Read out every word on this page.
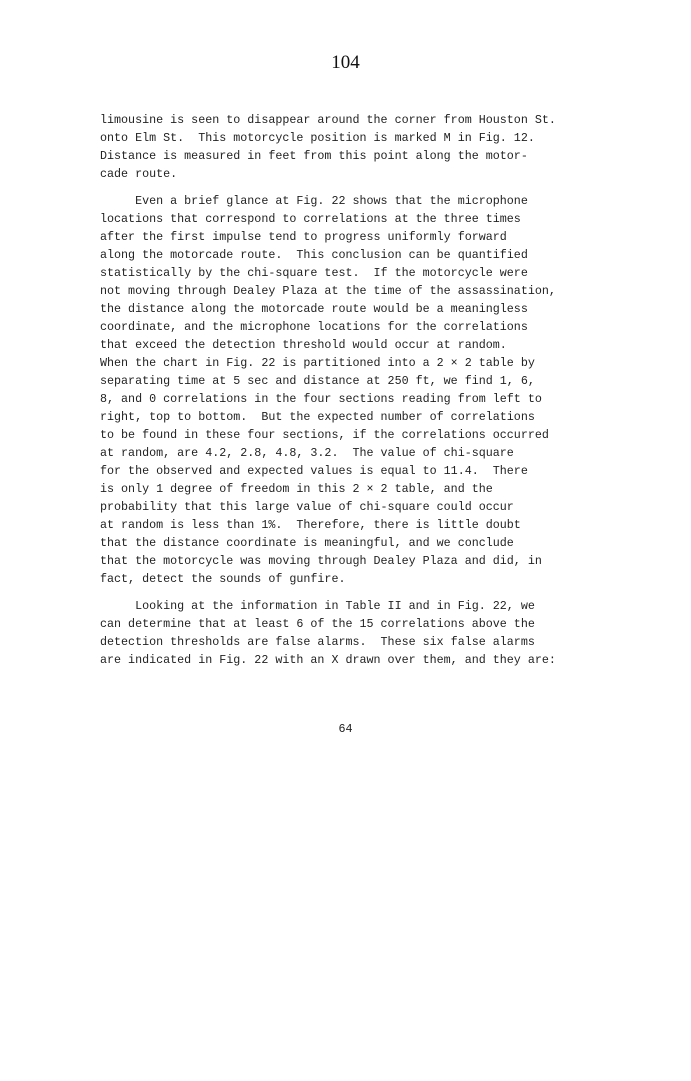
104
limousine is seen to disappear around the corner from Houston St.
onto Elm St.  This motorcycle position is marked M in Fig. 12.
Distance is measured in feet from this point along the motor-
cade route.
Even a brief glance at Fig. 22 shows that the microphone
locations that correspond to correlations at the three times
after the first impulse tend to progress uniformly forward
along the motorcade route.  This conclusion can be quantified
statistically by the chi-square test.  If the motorcycle were
not moving through Dealey Plaza at the time of the assassination,
the distance along the motorcade route would be a meaningless
coordinate, and the microphone locations for the correlations
that exceed the detection threshold would occur at random.
When the chart in Fig. 22 is partitioned into a 2 × 2 table by
separating time at 5 sec and distance at 250 ft, we find 1, 6,
8, and 0 correlations in the four sections reading from left to
right, top to bottom.  But the expected number of correlations
to be found in these four sections, if the correlations occurred
at random, are 4.2, 2.8, 4.8, 3.2.  The value of chi-square
for the observed and expected values is equal to 11.4.  There
is only 1 degree of freedom in this 2 × 2 table, and the
probability that this large value of chi-square could occur
at random is less than 1%.  Therefore, there is little doubt
that the distance coordinate is meaningful, and we conclude
that the motorcycle was moving through Dealey Plaza and did, in
fact, detect the sounds of gunfire.
Looking at the information in Table II and in Fig. 22, we
can determine that at least 6 of the 15 correlations above the
detection thresholds are false alarms.  These six false alarms
are indicated in Fig. 22 with an X drawn over them, and they are:
64
